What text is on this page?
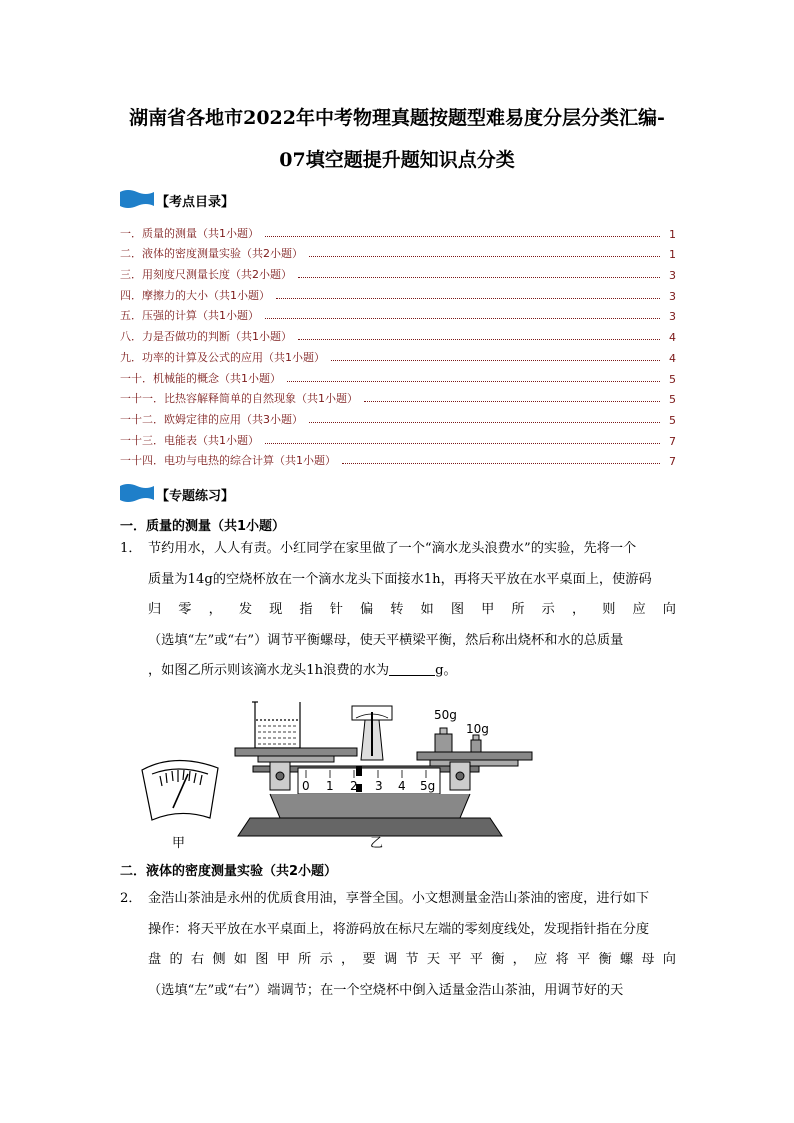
湖南省各地市2022年中考物理真题按题型难易度分层分类汇编-
07填空题提升题知识点分类
【考点目录】
一．质量的测量（共1小题）	1
二．液体的密度测量实验（共2小题）	1
三．用刻度尺测量长度（共2小题）	3
四．摩擦力的大小（共1小题）	3
五．压强的计算（共1小题）	3
八．力是否做功的判断（共1小题）	4
九．功率的计算及公式的应用（共1小题）	4
一十．机械能的概念（共1小题）	5
一十一．比热容解释简单的自然现象（共1小题）	5
一十二．欧姆定律的应用（共3小题）	5
一十三．电能表（共1小题）	7
一十四．电功与电热的综合计算（共1小题）	7
【专题练习】
一．质量的测量（共1小题）

1． 节约用水，人人有责。小红同学在家里做了一个“滴水龙头浪费水”的实验，先将一个

质量为14g的空烧杯放在一个滴水龙头下面接水1h，再将天平放在水平桌面上，使游码

归零，发现指针偏转如图甲所示，则应向

（选填“左”或“右”）调节平衡螺母，使天平横梁平衡，然后称出烧杯和水的总质量

，如图乙所示则该滴水龙头1h浪费的水为	g。

0 1 2 3 4 5g
50g
10g
甲	乙
二．液体的密度测量实验（共2小题）

2． 金浩山茶油是永州的优质食用油，享誉全国。小文想测量金浩山茶油的密度，进行如下

操作：将天平放在水平桌面上，将游码放在标尺左端的零刻度线处，发现指针指在分度

盘的右侧如图甲所示，要调节天平平衡，应将平衡螺母向

（选填“左”或“右”）端调节；在一个空烧杯中倒入适量金浩山茶油，用调节好的天
